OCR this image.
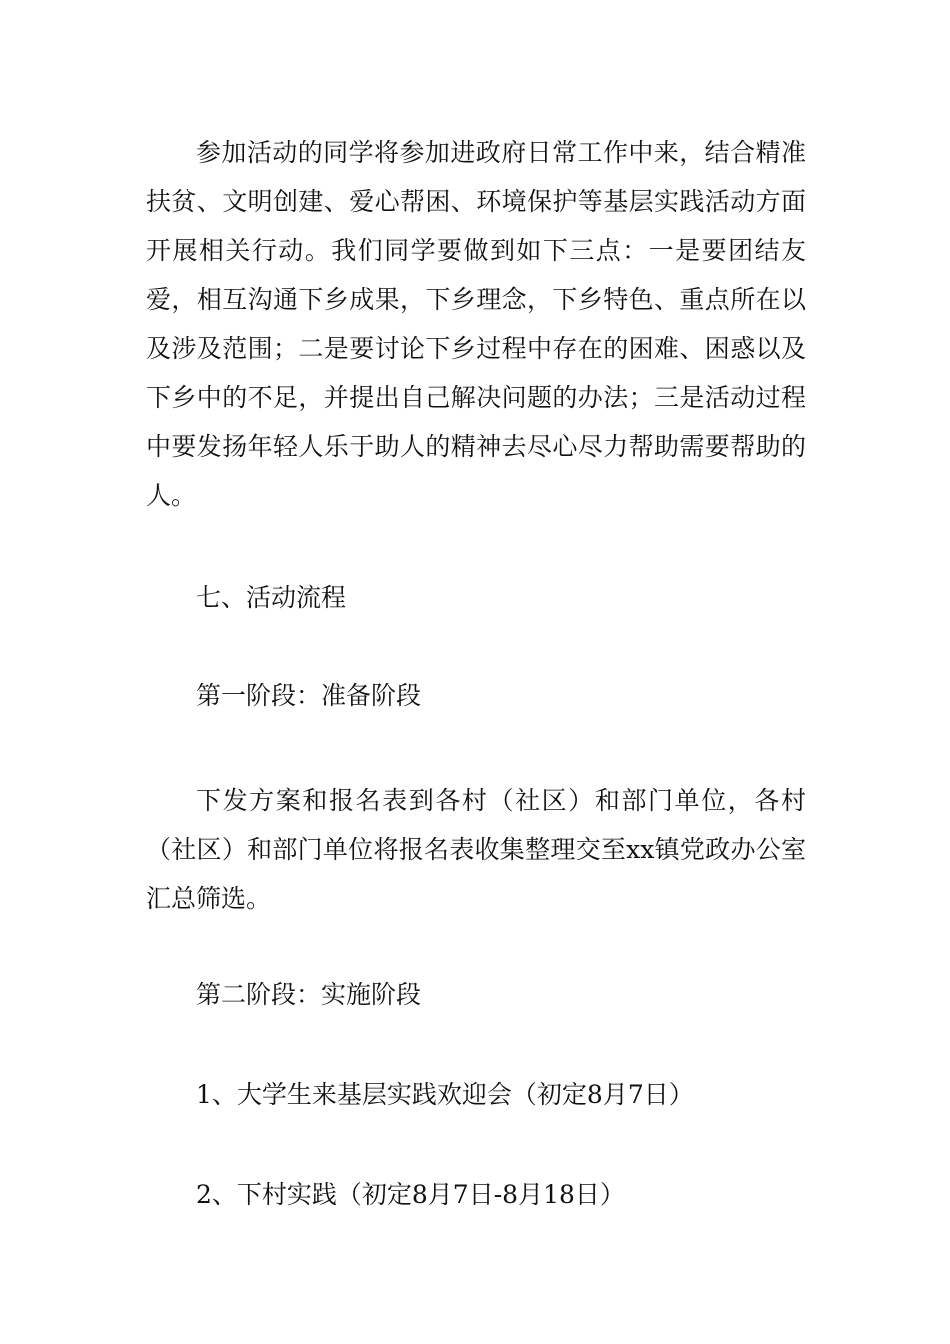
参加活动的同学将参加进政府日常工作中来，结合精准扶贫、文明创建、爱心帮困、环境保护等基层实践活动方面开展相关行动。我们同学要做到如下三点：一是要团结友爱，相互沟通下乡成果，下乡理念，下乡特色、重点所在以及涉及范围；二是要讨论下乡过程中存在的困难、困惑以及下乡中的不足，并提出自己解决问题的办法；三是活动过程中要发扬年轻人乐于助人的精神去尽心尽力帮助需要帮助的人。

七、活动流程

第一阶段：准备阶段

下发方案和报名表到各村（社区）和部门单位，各村（社区）和部门单位将报名表收集整理交至xx镇党政办公室汇总筛选。

第二阶段：实施阶段

1、大学生来基层实践欢迎会（初定8月7日）

2、下村实践（初定8月7日-8月18日）
